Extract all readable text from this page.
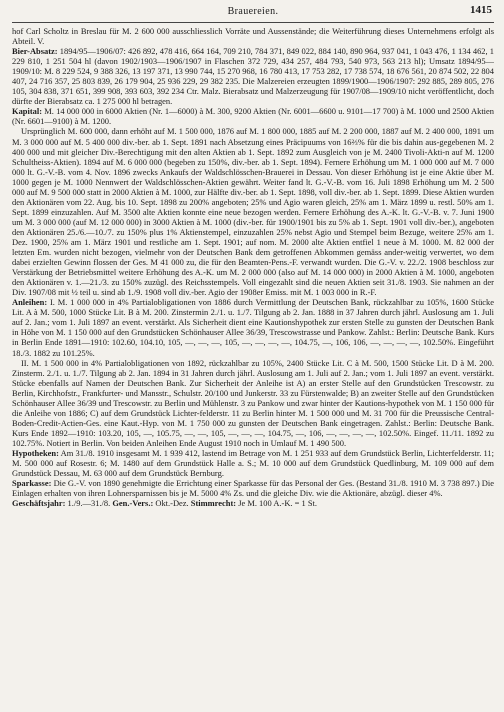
Brauereien.	1415

hof Carl Scholtz in Breslau für M. 2 600 000 ausschliesslich Vorräte und Aussenstände; die Weiterführung dieses Unternehmens erfolgt als Abteil. V.

Bier-Absatz: 1894/95—1906/07: 426 892, 478 416, 664 164, 709 210, 784 371, 849 022, 884 140, 890 964, 937 041, 1 043 476, 1 134 462, 1 229 810, 1 251 504 hl (davon 1902/1903—1906/1907 in Flaschen 372 729, 434 257, 484 793, 540 973, 563 213 hl); Umsatz 1894/95—1909/10: M. 8 229 524, 9 388 326, 13 197 371, 13 990 744, 15 270 968, 16 780 413, 17 753 282, 17 738 574, 18 676 561, 20 874 502, 22 804 407, 24 716 357, 25 803 839, 26 179 904, 25 936 229, 29 382 235. Die Malzereien erzeugten 1899/1900—1906/1907: 292 885, 289 805, 276 105, 304 838, 371 651, 399 908, 393 603, 392 234 Ctr. Malz. Bierabsatz und Malzerzeugung für 1907/08—1909/10 nicht veröffentlicht, doch dürfte der Bierabsatz ca. 1 275 000 hl betragen.

Kapital: M. 14 000 000 in 6000 Aktien (Nr. 1—6000) à M. 300, 9200 Aktien (Nr. 6001—6600 u. 9101—17 700) à M. 1000 und 2500 Aktien (Nr. 6601—9100) à M. 1200.

Ursprünglich M. 600 000, dann erhöht auf M. 1 500 000, 1876 auf M. 1 800 000, 1885 auf M. 2 200 000, 1887 auf M. 2 400 000, 1891 um M. 3 000 000 auf M. 5 400 000 div.-ber. ab 1. Sept. 1891 nach Absetzung eines Präcipuums von 16⅔% für die bis dahin aus-gegebenen M. 2 400 000 und mit gleicher Div.-Berechtigung mit den alten Aktien ab 1. Sept. 1892 zum Ausgleich von je M. 2400 Tivoli-Akti-n auf M. 1200 Schultheiss-Aktien). 1894 auf M. 6 000 000 (begeben zu 150%, div.-ber. ab 1. Sept. 1894). Fernere Erhöhung um M. 1 000 000 auf M. 7 000 000 lt. G.-V.-B. vom 4. Nov. 1896 zwecks Ankaufs der Waldschlösschen-Brauerei in Dessau. Von dieser Erhöhung ist je eine Aktie über M. 1000 gegen je M. 1000 Nennwert der Waldschlösschen-Aktien gewährt. Weiter fand lt. G.-V.-B. vom 16. Juli 1898 Erhöhung um M. 2 500 000 auf M. 9 500 000 statt in 2000 Aktien à M. 1000, zur Hälfte div.-ber. ab 1. Sept. 1898, voll div.-ber. ab 1. Sept. 1899. Diese Aktien wurden den Aktionären vom 22. Aug. bis 10. Sept. 1898 zu 200% angeboten; 25% und Agio waren gleich, 25% am 1. März 1899 u. restl. 50% am 1. Sept. 1899 einzuzahlen. Auf M. 3500 alte Aktien konnte eine neue bezogen werden. Fernere Erhöhung des A.-K. lt. G.-V.-B. v. 7. Juni 1900 um M. 3 000 000 (auf M. 12 000 000) in 3000 Aktien à M. 1000 (div.-ber. für 1900/1901 bis zu 5% ab 1. Sept. 1901 voll div.-ber.), angeboten den Aktionären 25./6.—10./7. zu 150% plus 1% Aktienstempel, einzuzahlen 25% nebst Agio und Stempel beim Bezuge, weitere 25% am 1. Dez. 1900, 25% am 1. März 1901 und restliche am 1. Sept. 1901; auf nom. M. 2000 alte Aktien entfiel 1 neue à M. 1000. M. 82 000 der letzten Em. wurden nicht bezogen, vielmehr von der Deutschen Bank dem getroffenen Abkommen gemäss ander-weitig verwertet, wo dem dabei erzielten Gewinn flossen der Ges. M 41 000 zu, die für den Beamten-Pens.-F. verwandt wurden. Die G.-V. v. 22./2. 1908 beschloss zur Verstärkung der Betriebsmittel weitere Erhöhung des A.-K. um M. 2 000 000 (also auf M. 14 000 000) in 2000 Aktien à M. 1000, angeboten den Aktionären v. 1.—21./3. zu 150% zuzügl. des Reichsstempels. Voll eingezahlt sind die neuen Aktien seit 31./8. 1903. Sie nahmen an der Div. 1907/08 mit ½ teil u. sind ab 1./9. 1908 voll div.-ber. Agio der 1908er Emiss. mit M. 1 003 000 in R.-F.

Anleihen: I. M. 1 000 000 in 4% Partialobligationen von 1886 durch Vermittlung der Deutschen Bank, rückzahlbar zu 105%, 1600 Stücke Lit. A à M. 500, 1000 Stücke Lit. B à M. 200. Zinstermin 2./1. u. 1./7. Tilgung ab 2. Jan. 1888 in 37 Jahren durch jährl. Auslosung am 1. Juli auf 2. Jan.; vom 1. Juli 1897 an event. verstärkt. Als Sicherheit dient eine Kautionshypothek zur ersten Stelle zu gunsten der Deutschen Bank in Höhe von M. 1 150 000 auf den Grundstücken Schönhauser Allee 36/39, Trescowstrasse und Pankow. Zahlst.: Berlin: Deutsche Bank. Kurs in Berlin Ende 1891—1910: 102.60, 104.10, 105, —, —, —, 105, —, —, —, —, 104.75, —, 106, 106, —, —, —, —, 102.50%. Eingeführt 18./3. 1882 zu 101.25%.

II. M. 1 500 000 in 4% Partialobligationen von 1892, rückzahlbar zu 105%, 2400 Stücke Lit. C à M. 500, 1500 Stücke Lit. D à M. 200. Zinsterm. 2./1. u. 1./7. Tilgung ab 2. Jan. 1894 in 31 Jahren durch jährl. Auslosung am 1. Juli auf 2. Jan.; vom 1. Juli 1897 an event. verstärkt. Stücke ebenfalls auf Namen der Deutschen Bank. Zur Sicherheit der Anleihe ist A) an erster Stelle auf den Grundstücken Trescowstr. zu Berlin, Kirchhofstr., Frankfurter- und Mansstr., Schulstr. 20/100 und Junkerstr. 33 zu Fürstenwalde; B) an zweiter Stelle auf den Grundstücken Schönhauser Allee 36/39 und Trescowstr. zu Berlin und Mühlenstr. 3 zu Pankow und zwar hinter der Kautions-hypothek von M. 1 150 000 für die Anleihe von 1886; C) auf dem Grundstück Lichter-felderstr. 11 zu Berlin hinter M. 1 500 000 und M. 31 700 für die Preussische Central-Boden-Credit-Actien-Ges. eine Kaut.-Hyp. von M. 1 750 000 zu gunsten der Deutschen Bank eingetragen. Zahlst.: Berlin: Deutsche Bank. Kurs Ende 1892—1910: 103.20, 105, —, 105.75, —, —, 105, —, —, —, 104.75, —, 106, —, —, —, —, 102.50%. Eingef. 11./11. 1892 zu 102.75%. Notiert in Berlin. Von beiden Anleihen Ende August 1910 noch in Umlauf M. 1 490 500.

Hypotheken: Am 31./8. 1910 insgesamt M. 1 939 412, lastend im Betrage von M. 1 251 933 auf dem Grundstück Berlin, Lichterfelderstr. 11; M. 500 000 auf Rosestr. 6; M. 1480 auf dem Grundstück Halle a. S.; M. 10 000 auf dem Grundstück Quedlinburg, M. 109 000 auf dem Grundstück Dessau, M. 63 000 auf dem Grundstück Bernburg.

Sparkasse: Die G.-V. von 1890 genehmigte die Errichtung einer Sparkasse für das Personal der Ges. (Bestand 31./8. 1910 M. 3 738 897.) Die Einlagen erhalten von ihren Lohnersparnissen bis je M. 5000 4% Zs. und die gleiche Div. wie die Aktionäre, abzügl. dieser 4%.

Geschäftsjahr: 1./9.—31./8. Gen.-Vers.: Okt.-Dez. Stimmrecht: Je M. 100 A.-K. = 1 St.
